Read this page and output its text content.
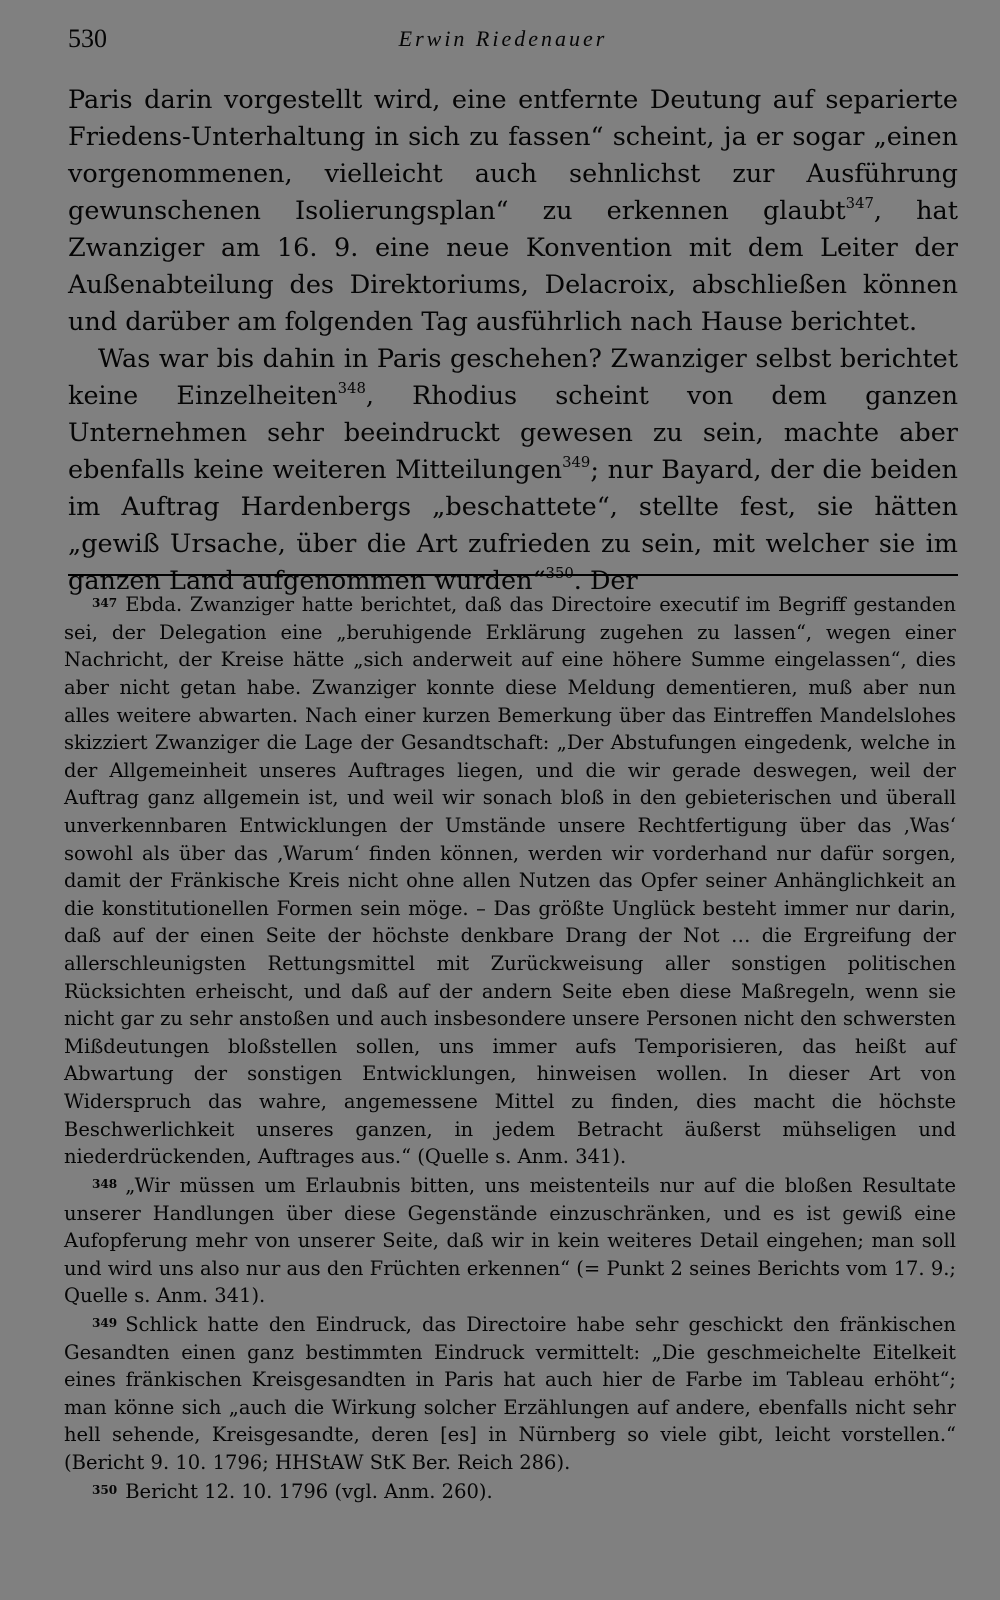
530	Erwin Riedenauer

Paris darin vorgestellt wird, eine entfernte Deutung auf separierte Friedens-Unterhaltung in sich zu fassen“ scheint, ja er sogar „einen vorgenommenen, vielleicht auch sehnlichst zur Ausführung gewunschenen Isolierungsplan“ zu erkennen glaubt$^{347}$, hat Zwanziger am 16. 9. eine neue Konvention mit dem Leiter der Außenabteilung des Direktoriums, Delacroix, abschließen können und darüber am folgenden Tag ausführlich nach Hause berichtet.

Was war bis dahin in Paris geschehen? Zwanziger selbst berichtet keine Einzelheiten$^{348}$, Rhodius scheint von dem ganzen Unternehmen sehr beeindruckt gewesen zu sein, machte aber ebenfalls keine weiteren Mitteilungen$^{349}$; nur Bayard, der die beiden im Auftrag Hardenbergs „beschattete“, stellte fest, sie hätten „gewiß Ursache, über die Art zufrieden zu sein, mit welcher sie im ganzen Land aufgenommen wurden“$^{350}$. Der

$^{347}$ Ebda. Zwanziger hatte berichtet, daß das Directoire executif im Begriff gestanden sei, der Delegation eine „beruhigende Erklärung zugehen zu lassen“, wegen einer Nachricht, der Kreise hätte „sich anderweit auf eine höhere Summe eingelassen“, dies aber nicht getan habe. Zwanziger konnte diese Meldung dementieren, muß aber nun alles weitere abwarten. Nach einer kurzen Bemerkung über das Eintreffen Mandelslohes skizziert Zwanziger die Lage der Gesandtschaft: „Der Abstufungen eingedenk, welche in der Allgemeinheit unseres Auftrages liegen, und die wir gerade deswegen, weil der Auftrag ganz allgemein ist, und weil wir sonach bloß in den gebieterischen und überall unverkennbaren Entwicklungen der Umstände unsere Rechtfertigung über das ‚Was‘ sowohl als über das ‚Warum‘ finden können, werden wir vorderhand nur dafür sorgen, damit der Fränkische Kreis nicht ohne allen Nutzen das Opfer seiner Anhänglichkeit an die konstitutionellen Formen sein möge. – Das größte Unglück besteht immer nur darin, daß auf der einen Seite der höchste denkbare Drang der Not … die Ergreifung der allerschleunigsten Rettungsmittel mit Zurückweisung aller sonstigen politischen Rücksichten erheischt, und daß auf der andern Seite eben diese Maßregeln, wenn sie nicht gar zu sehr anstoßen und auch insbesondere unsere Personen nicht den schwersten Mißdeutungen bloßstellen sollen, uns immer aufs Temporisieren, das heißt auf Abwartung der sonstigen Entwicklungen, hinweisen wollen. In dieser Art von Widerspruch das wahre, angemessene Mittel zu finden, dies macht die höchste Beschwerlichkeit unseres ganzen, in jedem Betracht äußerst mühseligen und niederdrückenden, Auftrages aus.“ (Quelle s. Anm. 341).

$^{348}$ „Wir müssen um Erlaubnis bitten, uns meistenteils nur auf die bloßen Resultate unserer Handlungen über diese Gegenstände einzuschränken, und es ist gewiß eine Aufopferung mehr von unserer Seite, daß wir in kein weiteres Detail eingehen; man soll und wird uns also nur aus den Früchten erkennen“ (= Punkt 2 seines Berichts vom 17. 9.; Quelle s. Anm. 341).

$^{349}$ Schlick hatte den Eindruck, das Directoire habe sehr geschickt den fränkischen Gesandten einen ganz bestimmten Eindruck vermittelt: „Die geschmeichelte Eitelkeit eines fränkischen Kreisgesandten in Paris hat auch hier de Farbe im Tableau erhöht“; man könne sich „auch die Wirkung solcher Erzählungen auf andere, ebenfalls nicht sehr hell sehende, Kreisgesandte, deren [es] in Nürnberg so viele gibt, leicht vorstellen.“ (Bericht 9. 10. 1796; HHStAW StK Ber. Reich 286).

$^{350}$ Bericht 12. 10. 1796 (vgl. Anm. 260).
